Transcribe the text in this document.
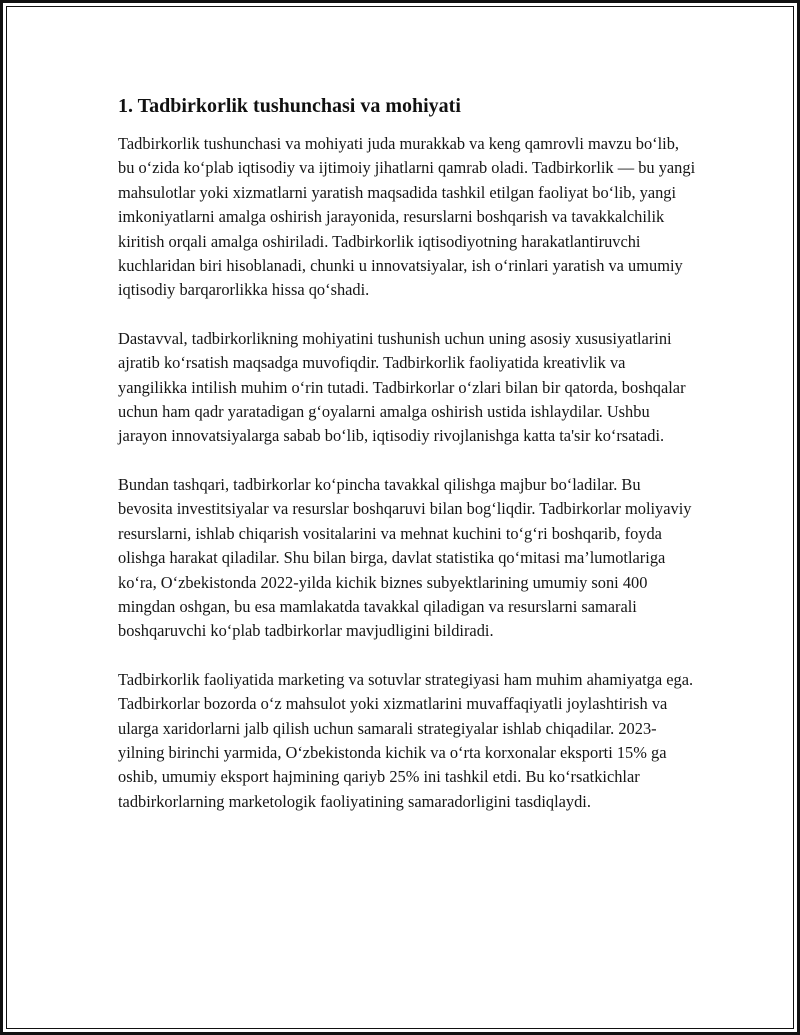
1. Tadbirkorlik tushunchasi va mohiyati

Tadbirkorlik tushunchasi va mohiyati juda murakkab va keng qamrovli mavzu bo‘lib, bu o‘zida ko‘plab iqtisodiy va ijtimoiy jihatlarni qamrab oladi. Tadbirkorlik — bu yangi mahsulotlar yoki xizmatlarni yaratish maqsadida tashkil etilgan faoliyat bo‘lib, yangi imkoniyatlarni amalga oshirish jarayonida, resurslarni boshqarish va tavakkalchilik kiritish orqali amalga oshiriladi. Tadbirkorlik iqtisodiyotning harakatlantiruvchi kuchlaridan biri hisoblanadi, chunki u innovatsiyalar, ish o‘rinlari yaratish va umumiy iqtisodiy barqarorlikka hissa qo‘shadi.

Dastavval, tadbirkorlikning mohiyatini tushunish uchun uning asosiy xususiyatlarini ajratib ko‘rsatish maqsadga muvofiqdir. Tadbirkorlik faoliyatida kreativlik va yangilikka intilish muhim o‘rin tutadi. Tadbirkorlar o‘zlari bilan bir qatorda, boshqalar uchun ham qadr yaratadigan g‘oyalarni amalga oshirish ustida ishlaydilar. Ushbu jarayon innovatsiyalarga sabab bo‘lib, iqtisodiy rivojlanishga katta ta'sir ko‘rsatadi.

Bundan tashqari, tadbirkorlar ko‘pincha tavakkal qilishga majbur bo‘ladilar. Bu bevosita investitsiyalar va resurslar boshqaruvi bilan bog‘liqdir. Tadbirkorlar moliyaviy resurslarni, ishlab chiqarish vositalarini va mehnat kuchini to‘g‘ri boshqarib, foyda olishga harakat qiladilar. Shu bilan birga, davlat statistika qo‘mitasi ma’lumotlariga ko‘ra, O‘zbekistonda 2022-yilda kichik biznes subyektlarining umumiy soni 400 mingdan oshgan, bu esa mamlakatda tavakkal qiladigan va resurslarni samarali boshqaruvchi ko‘plab tadbirkorlar mavjudligini bildiradi.

Tadbirkorlik faoliyatida marketing va sotuvlar strategiyasi ham muhim ahamiyatga ega. Tadbirkorlar bozorda o‘z mahsulot yoki xizmatlarini muvaffaqiyatli joylashtirish va ularga xaridorlarni jalb qilish uchun samarali strategiyalar ishlab chiqadilar. 2023-yilning birinchi yarmida, O‘zbekistonda kichik va o‘rta korxonalar eksporti 15% ga oshib, umumiy eksport hajmining qariyb 25% ini tashkil etdi. Bu ko‘rsatkichlar tadbirkorlarning marketologik faoliyatining samaradorligini tasdiqlaydi.
